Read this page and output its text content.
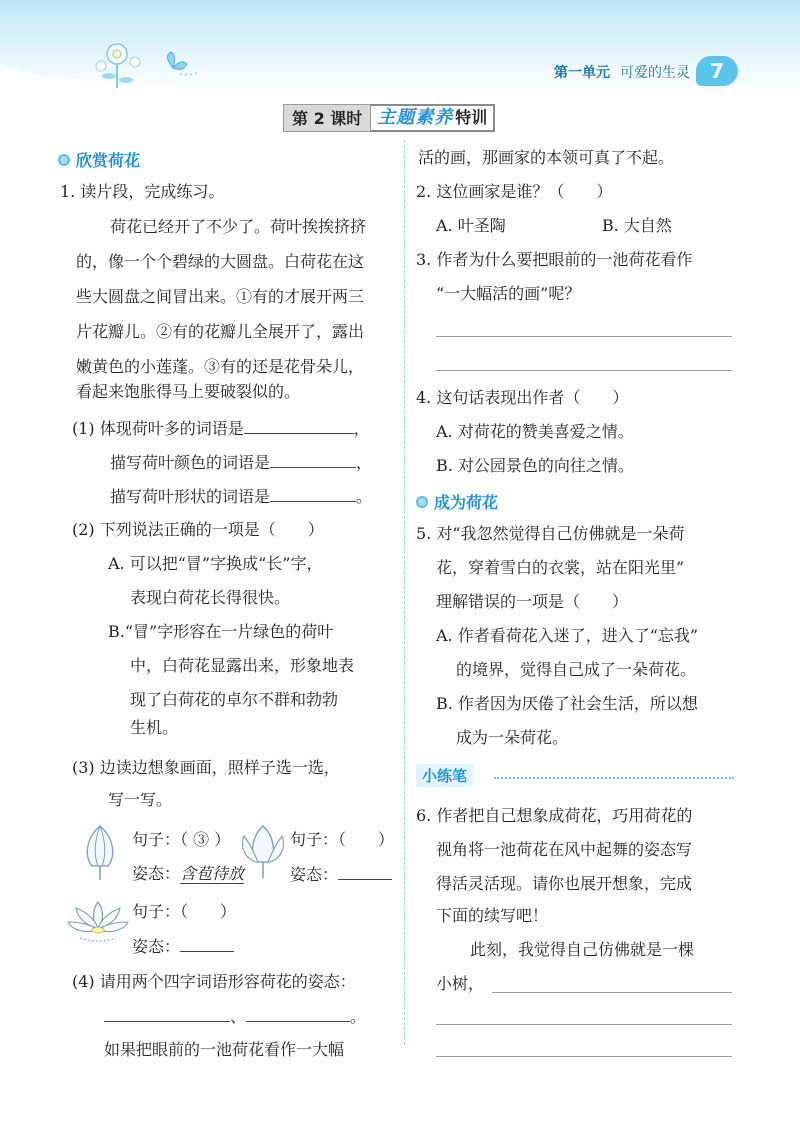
第一单元 可爱的生灵	7
第 2 课时 主题素养 特训
欣赏荷花
1. 读片段，完成练习。
荷花已经开了不少了。荷叶挨挨挤挤
的，像一个个碧绿的大圆盘。白荷花在这
些大圆盘之间冒出来。①有的才展开两三
片花瓣儿。②有的花瓣儿全展开了，露出
嫩黄色的小莲蓬。③有的还是花骨朵儿，
看起来饱胀得马上要破裂似的。
(1) 体现荷叶多的词语是	，
描写荷叶颜色的词语是	，
描写荷叶形状的词语是	。
(2) 下列说法正确的一项是（　　）
A. 可以把“冒”字换成“长”字，
表现白荷花长得很快。
B.“冒”字形容在一片绿色的荷叶
中，白荷花显露出来，形象地表
现了白荷花的卓尔不群和勃勃
生机。
(3) 边读边想象画面，照样子选一选，
写一写。
句子：（ ③ ）
姿态：含苞待放
句子：（　　）
姿态：
句子：（　　）
姿态：
(4) 请用两个四字词语形容荷花的姿态：
、	。
如果把眼前的一池荷花看作一大幅
活的画，那画家的本领可真了不起。
2. 这位画家是谁？（　　）
A. 叶圣陶	B. 大自然
3. 作者为什么要把眼前的一池荷花看作
“一大幅活的画”呢？
4. 这句话表现出作者（　　）
A. 对荷花的赞美喜爱之情。
B. 对公园景色的向往之情。
成为荷花
5. 对“我忽然觉得自己仿佛就是一朵荷
花，穿着雪白的衣裳，站在阳光里”
理解错误的一项是（　　）
A. 作者看荷花入迷了，进入了“忘我”
的境界，觉得自己成了一朵荷花。
B. 作者因为厌倦了社会生活，所以想
成为一朵荷花。
小练笔
6. 作者把自己想象成荷花，巧用荷花的
视角将一池荷花在风中起舞的姿态写
得活灵活现。请你也展开想象，完成
下面的续写吧！
此刻，我觉得自己仿佛就是一棵
小树，
